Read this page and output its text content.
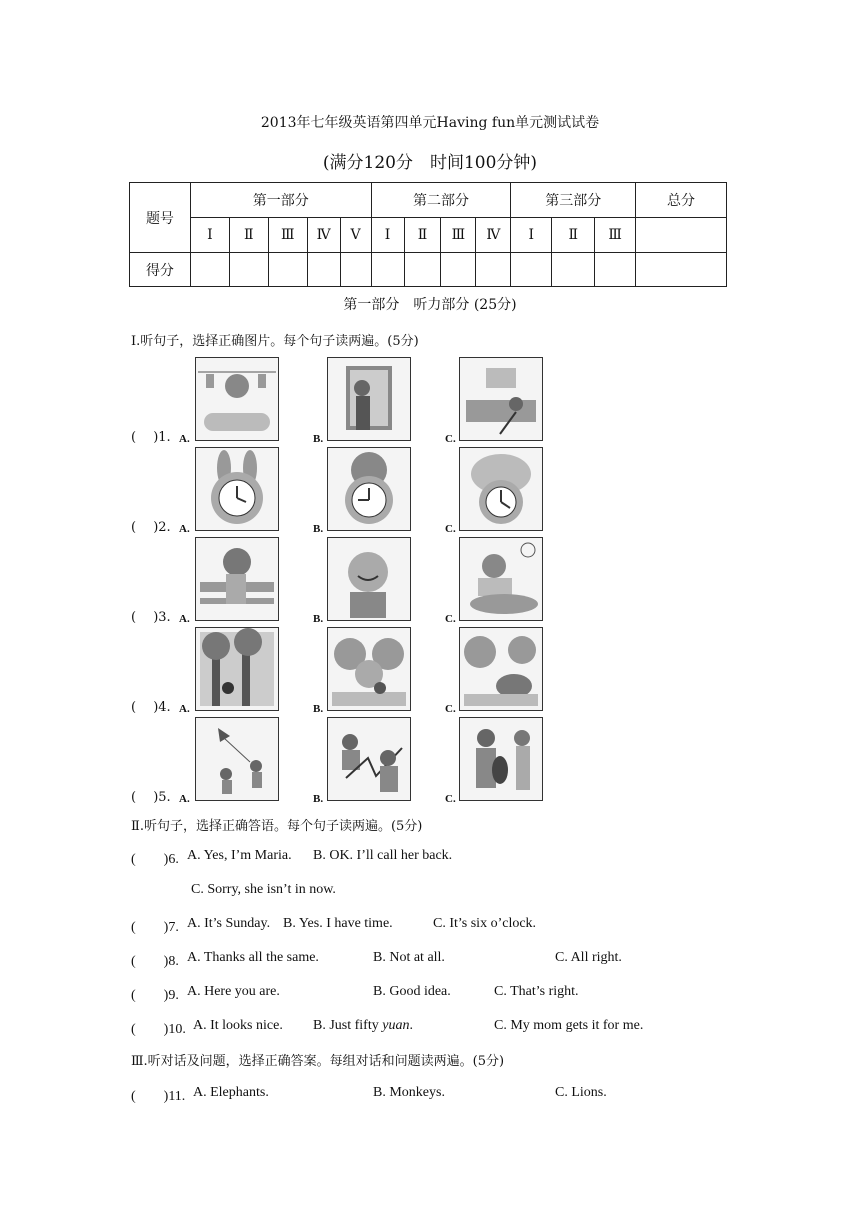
2013年七年级英语第四单元Having fun单元测试试卷
(满分120分　时间100分钟)
题号	第一部分					第二部分				第三部分			总分
	Ⅰ	Ⅱ	Ⅲ	Ⅳ	Ⅴ	Ⅰ	Ⅱ	Ⅲ	Ⅳ	Ⅰ	Ⅱ	Ⅲ	
得分													
第一部分　听力部分 (25分)
Ⅰ.听句子，选择正确图片。每个句子读两遍。(5分)
(　 )1. A.	B.	C.
(　 )2. A.	B.	C.
(　 )3. A.	B.	C.
(　 )4. A.	B.	C.
(　 )5. A.	B.	C.
Ⅱ.听句子，选择正确答语。每个句子读两遍。(5分)
(　　)6. A. Yes, I’m Maria. B. OK. I’ll call her back.
C. Sorry, she isn’t in now.
(　　)7. A. It’s Sunday. B. Yes. I have time.	C. It’s six o’clock.
(　　)8. A. Thanks all the same.	B. Not at all.	C. All right.
(　　)9. A. Here you are.	B. Good idea.	C. That’s right.
(　　)10. A. It looks nice. B. Just fifty yuan.	C. My mom gets it for me.
Ⅲ.听对话及问题，选择正确答案。每组对话和问题读两遍。(5分)
(　　)11. A. Elephants.	B. Monkeys.	C. Lions.
